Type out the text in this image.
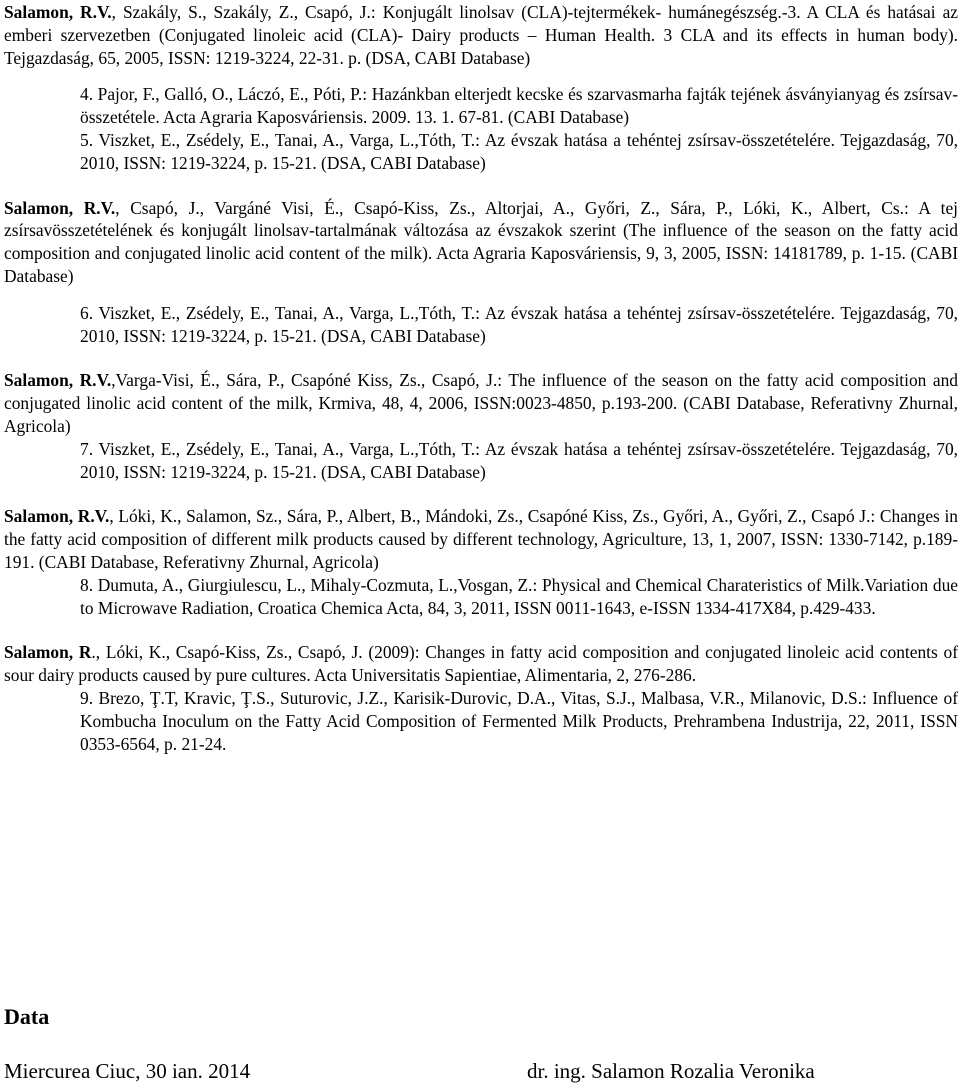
Salamon, R.V., Szakály, S., Szakály, Z., Csapó, J.: Konjugált linolsav (CLA)-tejtermékek- humánegészség.-3. A CLA és hatásai az emberi szervezetben (Conjugated linoleic acid (CLA)- Dairy products – Human Health. 3 CLA and its effects in human body). Tejgazdaság, 65, 2005, ISSN: 1219-3224, 22-31. p. (DSA, CABI Database)

4. Pajor, F., Galló, O., Láczó, E., Póti, P.: Hazánkban elterjedt kecske és szarvasmarha fajták tejének ásványianyag és zsírsav-összetétele. Acta Agraria Kaposváriensis. 2009. 13. 1. 67-81. (CABI Database)

5. Viszket, E., Zsédely, E., Tanai, A., Varga, L.,Tóth, T.: Az évszak hatása a tehéntej zsírsav-összetételére. Tejgazdaság, 70, 2010, ISSN: 1219-3224, p. 15-21. (DSA, CABI Database)

Salamon, R.V., Csapó, J., Vargáné Visi, É., Csapó-Kiss, Zs., Altorjai, A., Győri, Z., Sára, P., Lóki, K., Albert, Cs.: A tej zsírsavösszetételének és konjugált linolsav-tartalmának változása az évszakok szerint (The influence of the season on the fatty acid composition and conjugated linolic acid content of the milk). Acta Agraria Kaposváriensis, 9, 3, 2005, ISSN: 14181789, p. 1-15. (CABI Database)

6. Viszket, E., Zsédely, E., Tanai, A., Varga, L.,Tóth, T.: Az évszak hatása a tehéntej zsírsav-összetételére. Tejgazdaság, 70, 2010, ISSN: 1219-3224, p. 15-21. (DSA, CABI Database)

Salamon, R.V.,Varga-Visi, É., Sára, P., Csapóné Kiss, Zs., Csapó, J.: The influence of the season on the fatty acid composition and conjugated linolic acid content of the milk, Krmiva, 48, 4, 2006, ISSN:0023-4850, p.193-200. (CABI Database, Referativny Zhurnal, Agricola)

7. Viszket, E., Zsédely, E., Tanai, A., Varga, L.,Tóth, T.: Az évszak hatása a tehéntej zsírsav-összetételére. Tejgazdaság, 70, 2010, ISSN: 1219-3224, p. 15-21. (DSA, CABI Database)

Salamon, R.V., Lóki, K., Salamon, Sz., Sára, P., Albert, B., Mándoki, Zs., Csapóné Kiss, Zs., Győri, A., Győri, Z., Csapó J.: Changes in the fatty acid composition of different milk products caused by different technology, Agriculture, 13, 1, 2007, ISSN: 1330-7142, p.189-191. (CABI Database, Referativny Zhurnal, Agricola)

8. Dumuta, A., Giurgiulescu, L., Mihaly-Cozmuta, L.,Vosgan, Z.: Physical and Chemical Charateristics of Milk.Variation due to Microwave Radiation, Croatica Chemica Acta, 84, 3, 2011, ISSN 0011-1643, e-ISSN 1334-417X84, p.429-433.

Salamon, R., Lóki, K., Csapó-Kiss, Zs., Csapó, J. (2009): Changes in fatty acid composition and conjugated linoleic acid contents of sour dairy products caused by pure cultures. Acta Universitatis Sapientiae, Alimentaria, 2, 276-286.

9. Brezo, Ţ.T, Kravic, Ţ.S., Suturovic, J.Z., Karisik-Durovic, D.A., Vitas, S.J., Malbasa, V.R., Milanovic, D.S.: Influence of Kombucha Inoculum on the Fatty Acid Composition of Fermented Milk Products, Prehrambena Industrija, 22, 2011, ISSN 0353-6564, p. 21-24.

Data
Miercurea Ciuc, 30 ian. 2014	dr. ing. Salamon Rozalia Veronika
